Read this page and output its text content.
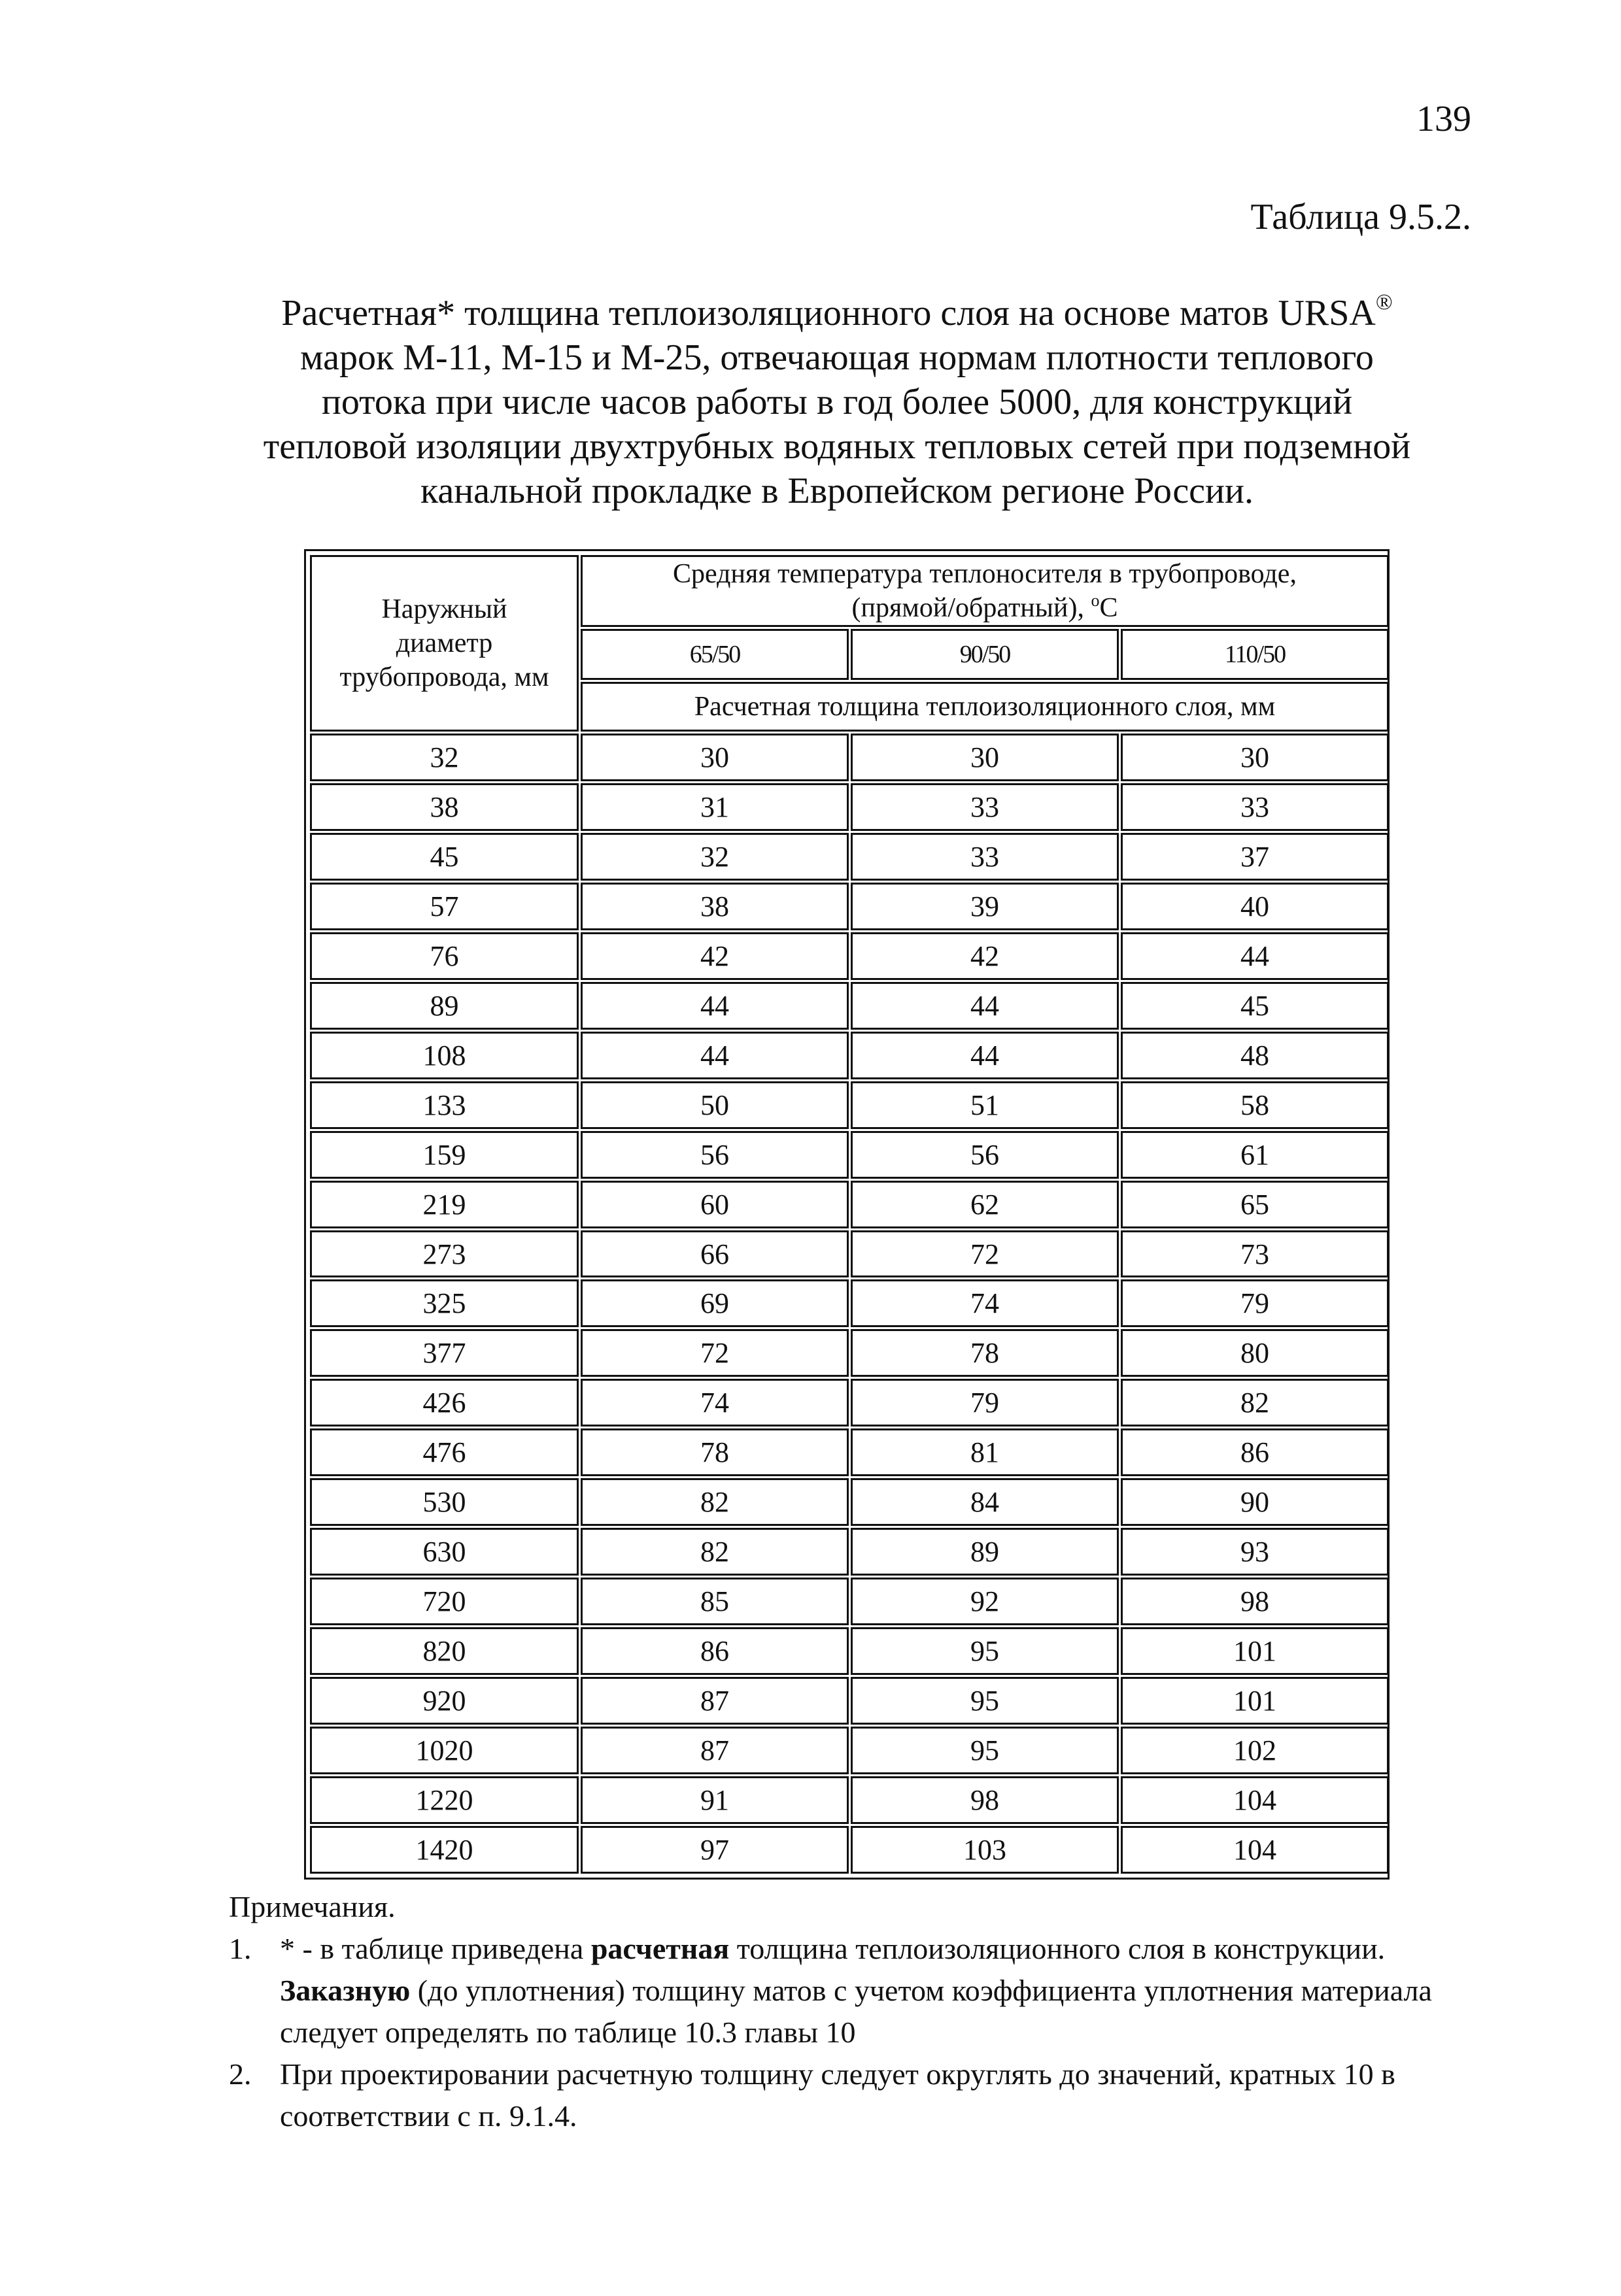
139
Таблица 9.5.2.
Расчетная* толщина теплоизоляционного слоя на основе матов URSA®
марок М-11, М-15 и М-25, отвечающая нормам плотности теплового
потока при числе часов работы в год более 5000, для конструкций
тепловой изоляции двухтрубных водяных тепловых сетей при подземной
канальной прокладке в Европейском регионе России.
Наружный диаметр трубопровода, мм	Средняя температура теплоносителя в трубопроводе,
(прямой/обратный), $^o$С		
	65/50	90/50	110/50
	Расчетная толщина теплоизоляционного слоя, мм		
32	30	30	30
38	31	33	33
45	32	33	37
57	38	39	40
76	42	42	44
89	44	44	45
108	44	44	48
133	50	51	58
159	56	56	61
219	60	62	65
273	66	72	73
325	69	74	79
377	72	78	80
426	74	79	82
476	78	81	86
530	82	84	90
630	82	89	93
720	85	92	98
820	86	95	101
920	87	95	101
1020	87	95	102
1220	91	98	104
1420	97	103	104
Примечания.
1. * - в таблице приведена расчетная толщина теплоизоляционного слоя в конструкции.
Заказную (до уплотнения) толщину матов с учетом коэффициента уплотнения материала следует определять по таблице 10.3 главы 10
2. При проектировании расчетную толщину следует округлять до значений, кратных 10 в соответствии с п. 9.1.4.
